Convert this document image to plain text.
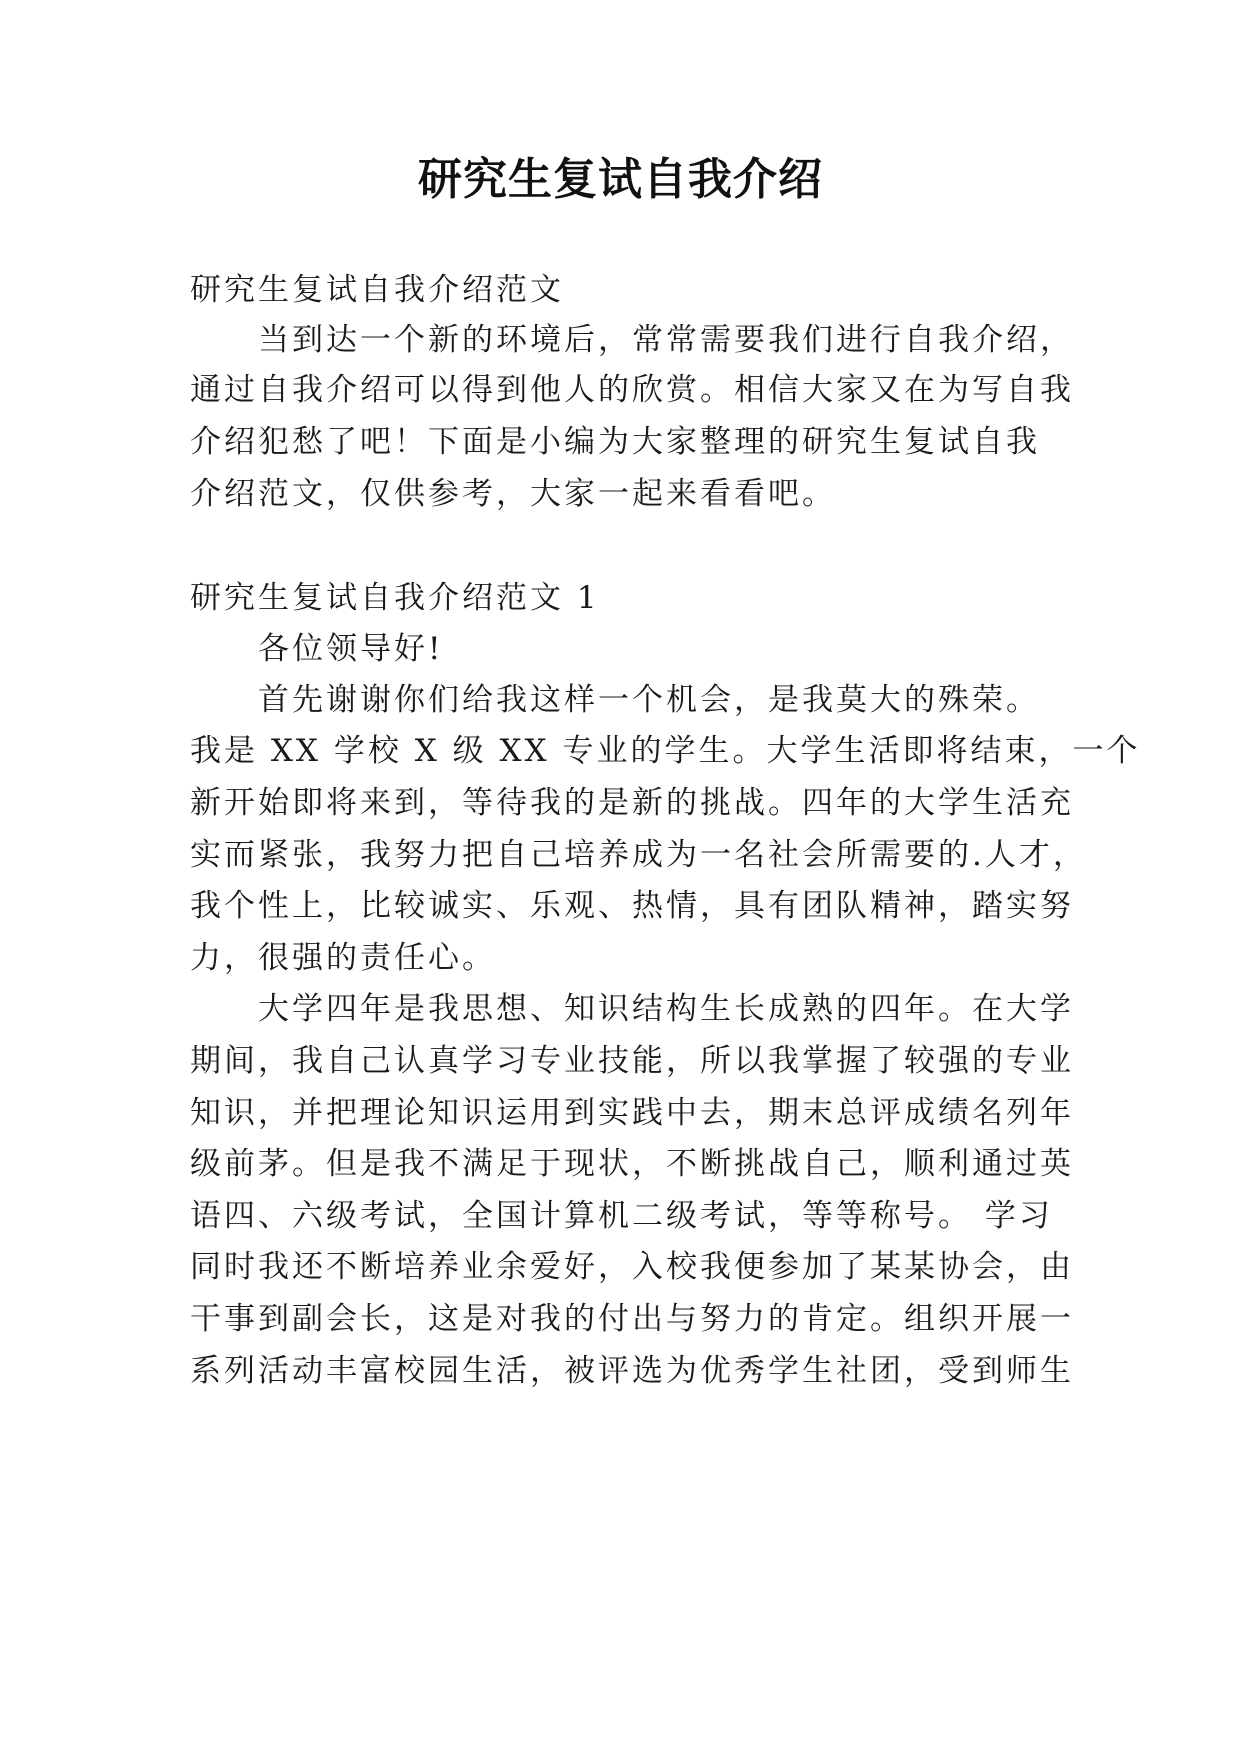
研究生复试自我介绍
研究生复试自我介绍范文
当到达一个新的环境后，常常需要我们进行自我介绍，
通过自我介绍可以得到他人的欣赏。相信大家又在为写自我
介绍犯愁了吧！下面是小编为大家整理的研究生复试自我
介绍范文，仅供参考，大家一起来看看吧。
研究生复试自我介绍范文 1
各位领导好!
首先谢谢你们给我这样一个机会，是我莫大的殊荣。
我是 XX 学校 X 级 XX 专业的学生。大学生活即将结束，一个
新开始即将来到，等待我的是新的挑战。四年的大学生活充
实而紧张，我努力把自己培养成为一名社会所需要的.人才，
我个性上，比较诚实、乐观、热情，具有团队精神，踏实努
力，很强的责任心。
大学四年是我思想、知识结构生长成熟的四年。在大学
期间，我自己认真学习专业技能，所以我掌握了较强的专业
知识，并把理论知识运用到实践中去，期末总评成绩名列年
级前茅。但是我不满足于现状，不断挑战自己，顺利通过英
语四、六级考试，全国计算机二级考试，等等称号。 学习
同时我还不断培养业余爱好，入校我便参加了某某协会，由
干事到副会长，这是对我的付出与努力的肯定。组织开展一
系列活动丰富校园生活，被评选为优秀学生社团，受到师生
